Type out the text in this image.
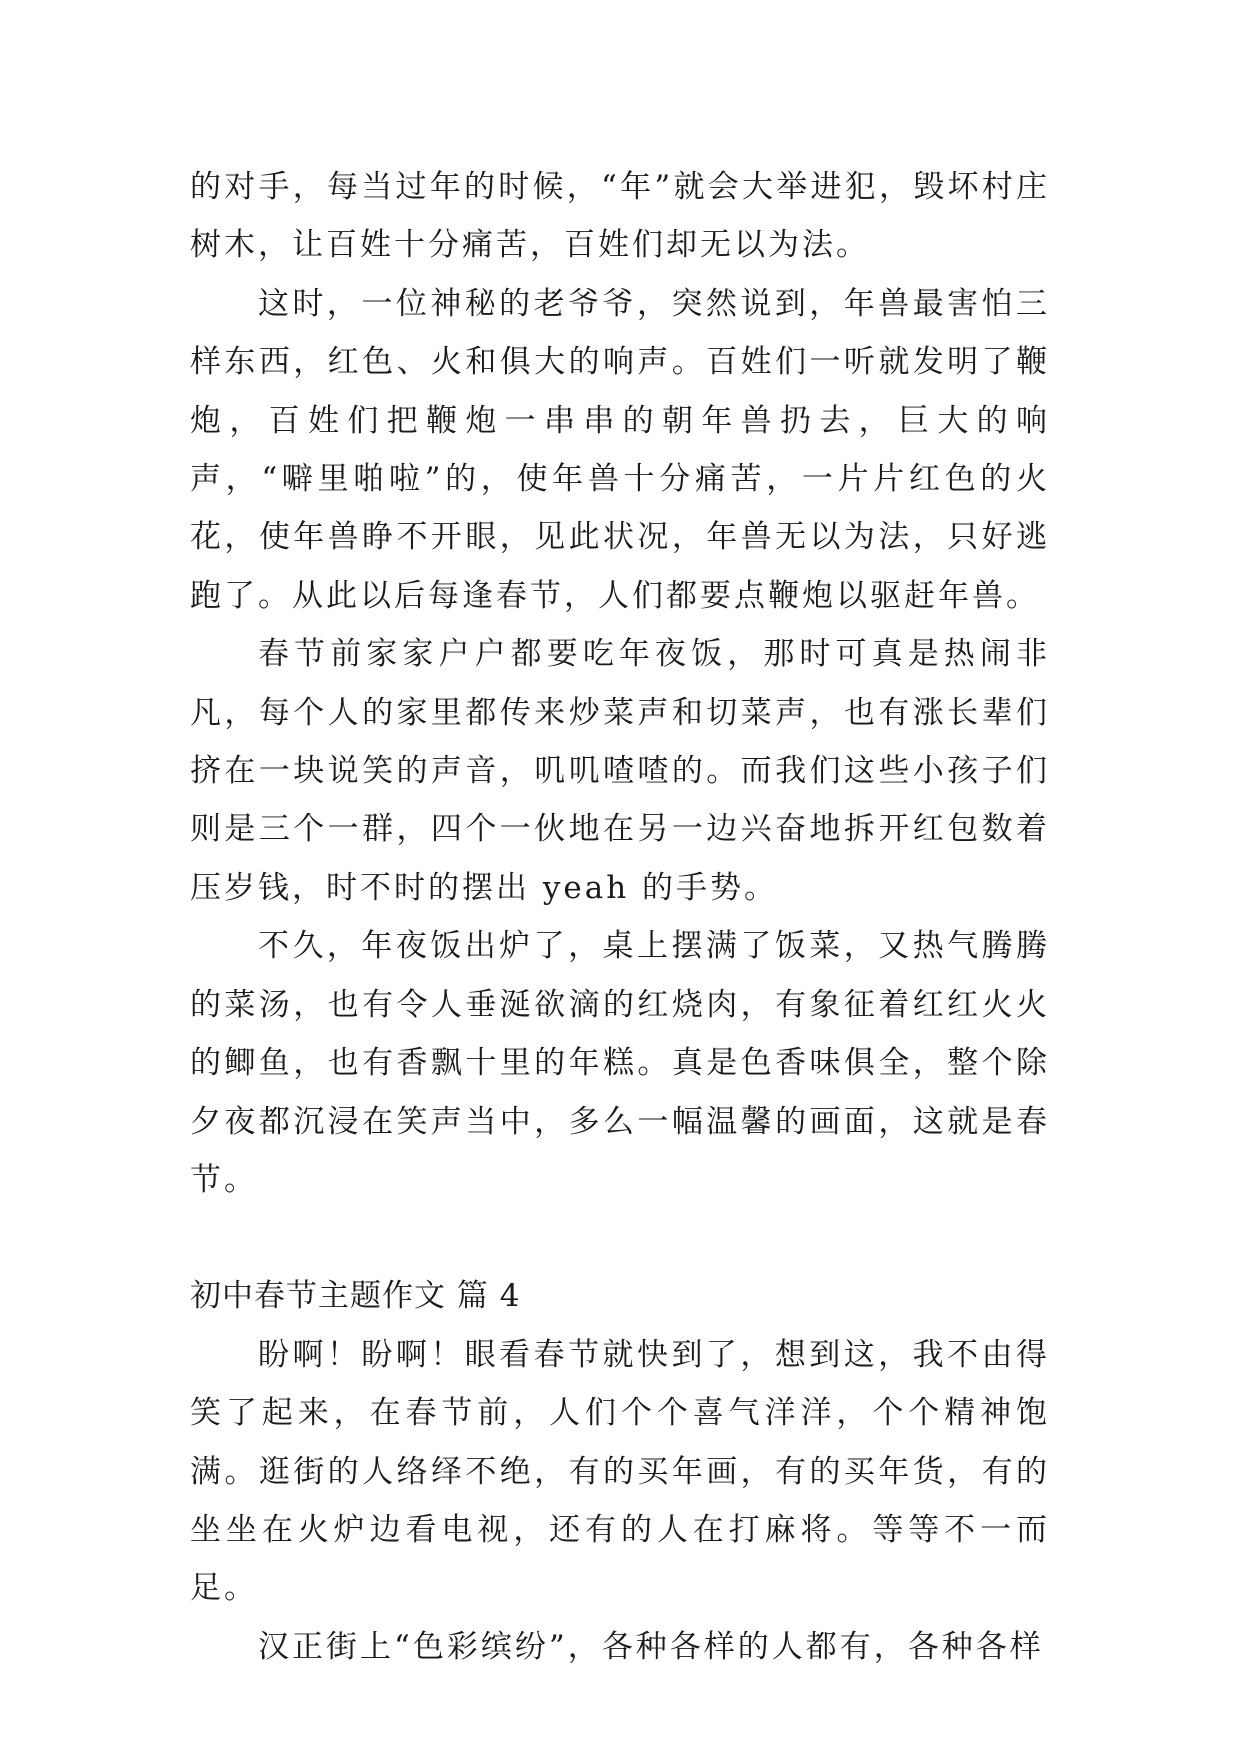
的对手，每当过年的时候，“年”就会大举进犯，毁坏村庄树木，让百姓十分痛苦，百姓们却无以为法。

这时，一位神秘的老爷爷，突然说到，年兽最害怕三样东西，红色、火和俱大的响声。百姓们一听就发明了鞭炮，百姓们把鞭炮一串串的朝年兽扔去，巨大的响声，“噼里啪啦”的，使年兽十分痛苦，一片片红色的火花，使年兽睁不开眼，见此状况，年兽无以为法，只好逃跑了。从此以后每逢春节，人们都要点鞭炮以驱赶年兽。

春节前家家户户都要吃年夜饭，那时可真是热闹非凡，每个人的家里都传来炒菜声和切菜声，也有涨长辈们挤在一块说笑的声音，叽叽喳喳的。而我们这些小孩子们则是三个一群，四个一伙地在另一边兴奋地拆开红包数着压岁钱，时不时的摆出 yeah 的手势。

不久，年夜饭出炉了，桌上摆满了饭菜，又热气腾腾的菜汤，也有令人垂涎欲滴的红烧肉，有象征着红红火火的鲫鱼，也有香飘十里的年糕。真是色香味俱全，整个除夕夜都沉浸在笑声当中，多么一幅温馨的画面，这就是春节。

初中春节主题作文 篇 4

盼啊！盼啊！眼看春节就快到了，想到这，我不由得笑了起来，在春节前，人们个个喜气洋洋，个个精神饱满。逛街的人络绎不绝，有的买年画，有的买年货，有的坐坐在火炉边看电视，还有的人在打麻将。等等不一而足。

汉正街上“色彩缤纷”，各种各样的人都有，各种各样
